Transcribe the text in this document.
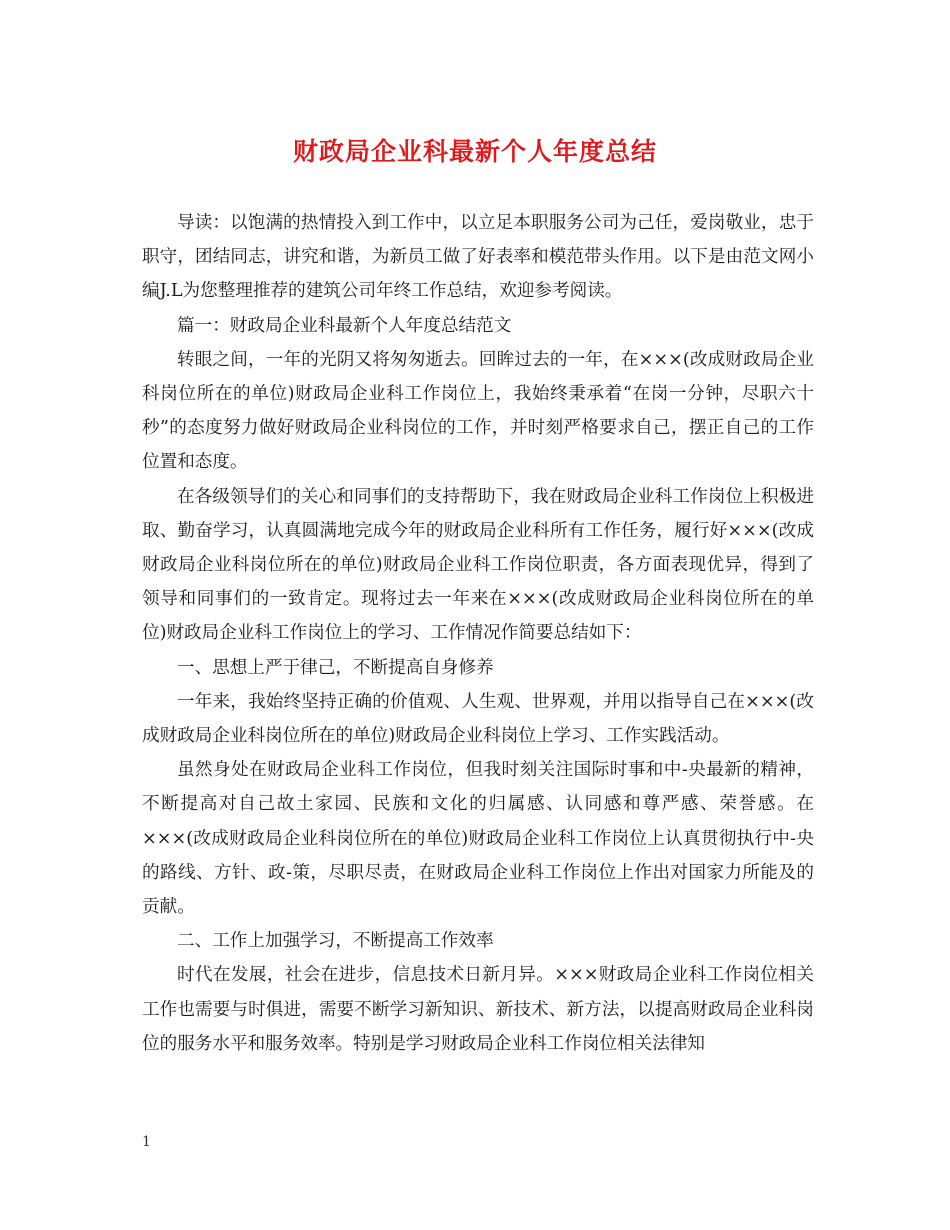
财政局企业科最新个人年度总结

导读：以饱满的热情投入到工作中，以立足本职服务公司为己任，爱岗敬业，忠于职守，团结同志，讲究和谐，为新员工做了好表率和模范带头作用。以下是由范文网小编J.L为您整理推荐的建筑公司年终工作总结，欢迎参考阅读。

篇一：财政局企业科最新个人年度总结范文

转眼之间，一年的光阴又将匆匆逝去。回眸过去的一年，在×××(改成财政局企业科岗位所在的单位)财政局企业科工作岗位上，我始终秉承着“在岗一分钟，尽职六十秒”的态度努力做好财政局企业科岗位的工作，并时刻严格要求自己，摆正自己的工作位置和态度。

在各级领导们的关心和同事们的支持帮助下，我在财政局企业科工作岗位上积极进取、勤奋学习，认真圆满地完成今年的财政局企业科所有工作任务，履行好×××(改成财政局企业科岗位所在的单位)财政局企业科工作岗位职责，各方面表现优异，得到了领导和同事们的一致肯定。现将过去一年来在×××(改成财政局企业科岗位所在的单位)财政局企业科工作岗位上的学习、工作情况作简要总结如下：

一、思想上严于律己，不断提高自身修养

一年来，我始终坚持正确的价值观、人生观、世界观，并用以指导自己在×××(改成财政局企业科岗位所在的单位)财政局企业科岗位上学习、工作实践活动。

虽然身处在财政局企业科工作岗位，但我时刻关注国际时事和中-央最新的精神，不断提高对自己故土家园、民族和文化的归属感、认同感和尊严感、荣誉感。在×××(改成财政局企业科岗位所在的单位)财政局企业科工作岗位上认真贯彻执行中-央的路线、方针、政-策，尽职尽责，在财政局企业科工作岗位上作出对国家力所能及的贡献。

二、工作上加强学习，不断提高工作效率

时代在发展，社会在进步，信息技术日新月异。×××财政局企业科工作岗位相关工作也需要与时俱进，需要不断学习新知识、新技术、新方法，以提高财政局企业科岗位的服务水平和服务效率。特别是学习财政局企业科工作岗位相关法律知

1
